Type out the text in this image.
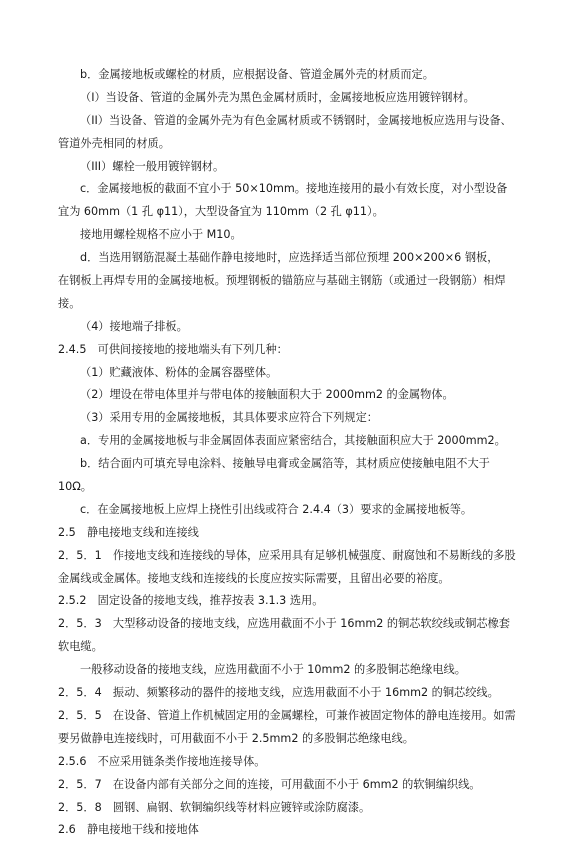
b．金属接地板或螺栓的材质，应根据设备、管道金属外壳的材质而定。
（I）当设备、管道的金属外壳为黑色金属材质时，金属接地板应选用镀锌钢材。
（II）当设备、管道的金属外壳为有色金属材质或不锈钢时，金属接地板应选用与设备、
管道外壳相同的材质。
（III）螺栓一般用镀锌钢材。
c．金属接地板的截面不宜小于 50×10mm。接地连接用的最小有效长度，对小型设备
宜为 60mm（1 孔 φ11），大型设备宜为 110mm（2 孔 φ11）。
接地用螺栓规格不应小于 M10。
d．当选用钢筋混凝土基础作静电接地时，应选择适当部位预埋 200×200×6 钢板，
在钢板上再焊专用的金属接地板。预埋钢板的锚筋应与基础主钢筋（或通过一段钢筋）相焊
接。
（4）接地端子排板。
2.4.5　可供间接接地的接地端头有下列几种：
（1）贮藏液体、粉体的金属容器壁体。
（2）埋设在带电体里并与带电体的接触面积大于 2000mm2 的金属物体。
（3）采用专用的金属接地板，其具体要求应符合下列规定：
a．专用的金属接地板与非金属固体表面应紧密结合，其接触面积应大于 2000mm2。
b．结合面内可填充导电涂料、接触导电膏或金属箔等，其材质应使接触电阻不大于
10Ω。
c．在金属接地板上应焊上挠性引出线或符合 2.4.4（3）要求的金属接地板等。
2.5　静电接地支线和连接线
2．5．1　作接地支线和连接线的导体，应采用具有足够机械强度、耐腐蚀和不易断线的多股
金属线或金属体。接地支线和连接线的长度应按实际需要，且留出必要的裕度。
2.5.2　固定设备的接地支线，推荐按表 3.1.3 选用。
2．5．3　大型移动设备的接地支线，应选用截面不小于 16mm2 的铜芯软绞线或铜芯橡套
软电缆。
一般移动设备的接地支线，应选用截面不小于 10mm2 的多股铜芯绝缘电线。
2．5．4　振动、频繁移动的器件的接地支线，应选用截面不小于 16mm2 的铜芯绞线。
2．5．5　在设备、管道上作机械固定用的金属螺栓，可兼作被固定物体的静电连接用。如需
要另做静电连接线时，可用截面不小于 2.5mm2 的多股铜芯绝缘电线。
2.5.6　不应采用链条类作接地连接导体。
2．5．7　在设备内部有关部分之间的连接，可用截面不小于 6mm2 的软铜编织线。
2．5．8　圆钢、扁钢、软铜编织线等材料应镀锌或涂防腐漆。
2.6　静电接地干线和接地体
